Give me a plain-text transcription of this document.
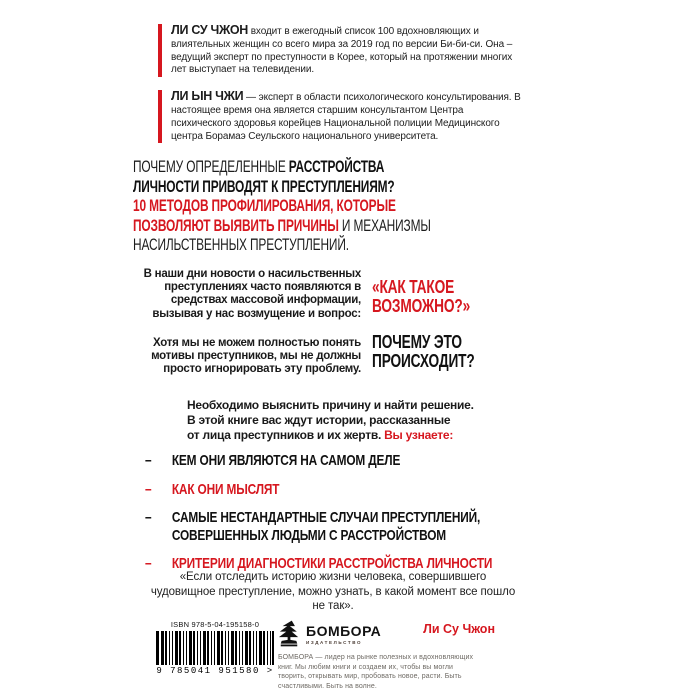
ЛИ СУ ЧЖОН входит в ежегодный список 100 вдохновляющих и влиятельных женщин со всего мира за 2019 год по версии Би-би-си. Она – ведущий эксперт по преступности в Корее, который на протяжении многих лет выступает на телевидении.
ЛИ ЫН ЧЖИ — эксперт в области психологического консультирования. В настоящее время она является старшим консультантом Центра психического здоровья корейцев Национальной полиции Медицинского центра Борамаэ Сеульского национального университета.
ПОЧЕМУ ОПРЕДЕЛЕННЫЕ РАССТРОЙСТВА
ЛИЧНОСТИ ПРИВОДЯТ К ПРЕСТУПЛЕНИЯМ?
10 МЕТОДОВ ПРОФИЛИРОВАНИЯ, КОТОРЫЕ
ПОЗВОЛЯЮТ ВЫЯВИТЬ ПРИЧИНЫ И МЕХАНИЗМЫ
НАСИЛЬСТВЕННЫХ ПРЕСТУПЛЕНИЙ.

В наши дни новости о насильственных преступлениях часто появляются в средствах массовой информации, вызывая у нас возмущение и вопрос:

Хотя мы не можем полностью понять мотивы преступников, мы не должны просто игнорировать эту проблему.

«КАК ТАКОЕ
ВОЗМОЖНО?»
ПОЧЕМУ ЭТО
ПРОИСХОДИТ?
Необходимо выяснить причину и найти решение.
В этой книге вас ждут истории, рассказанные
от лица преступников и их жертв. Вы узнаете:
– КЕМ ОНИ ЯВЛЯЮТСЯ НА САМОМ ДЕЛЕ
– КАК ОНИ МЫСЛЯТ
– САМЫЕ НЕСТАНДАРТНЫЕ СЛУЧАИ ПРЕСТУПЛЕНИЙ, СОВЕРШЕННЫХ ЛЮДЬМИ С РАССТРОЙСТВОМ
– КРИТЕРИИ ДИАГНОСТИКИ РАССТРОЙСТВА ЛИЧНОСТИ

«Если отследить историю жизни человека, совершившего чудовищное преступление, можно узнать, в какой момент все пошло не так».

Ли Су Чжон
ISBN 978-5-04-195158-0
9 785041 951580 >
БОМБОРА
ИЗДАТЕЛЬСТВО
БОМБОРА — лидер на рынке полезных и вдохновляющих книг. Мы любим книги и создаем их, чтобы вы могли творить, открывать мир, пробовать новое, расти. Быть счастливыми. Быть на волне.
